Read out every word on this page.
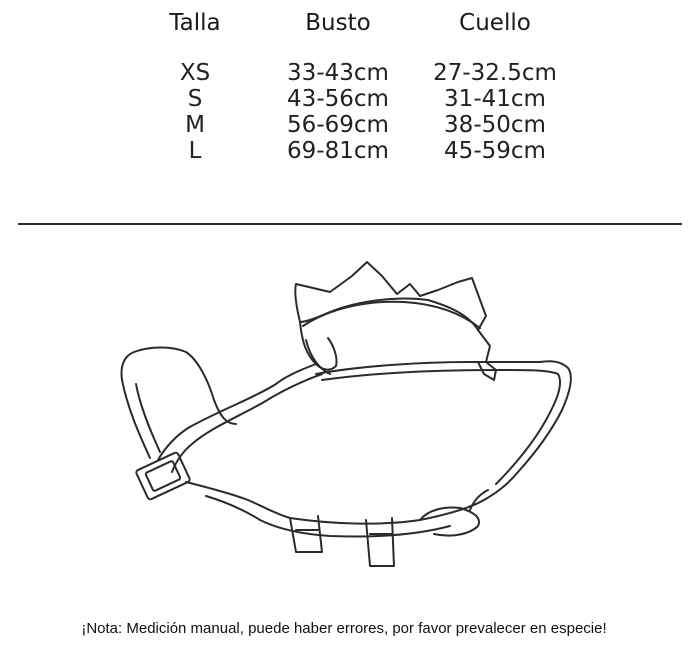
Talla
XS
S
M
L
Busto
33-43cm
43-56cm
56-69cm
69-81cm
Cuello
27-32.5cm
31-41cm
38-50cm
45-59cm
¡Nota: Medición manual, puede haber errores, por favor prevalecer en especie!
